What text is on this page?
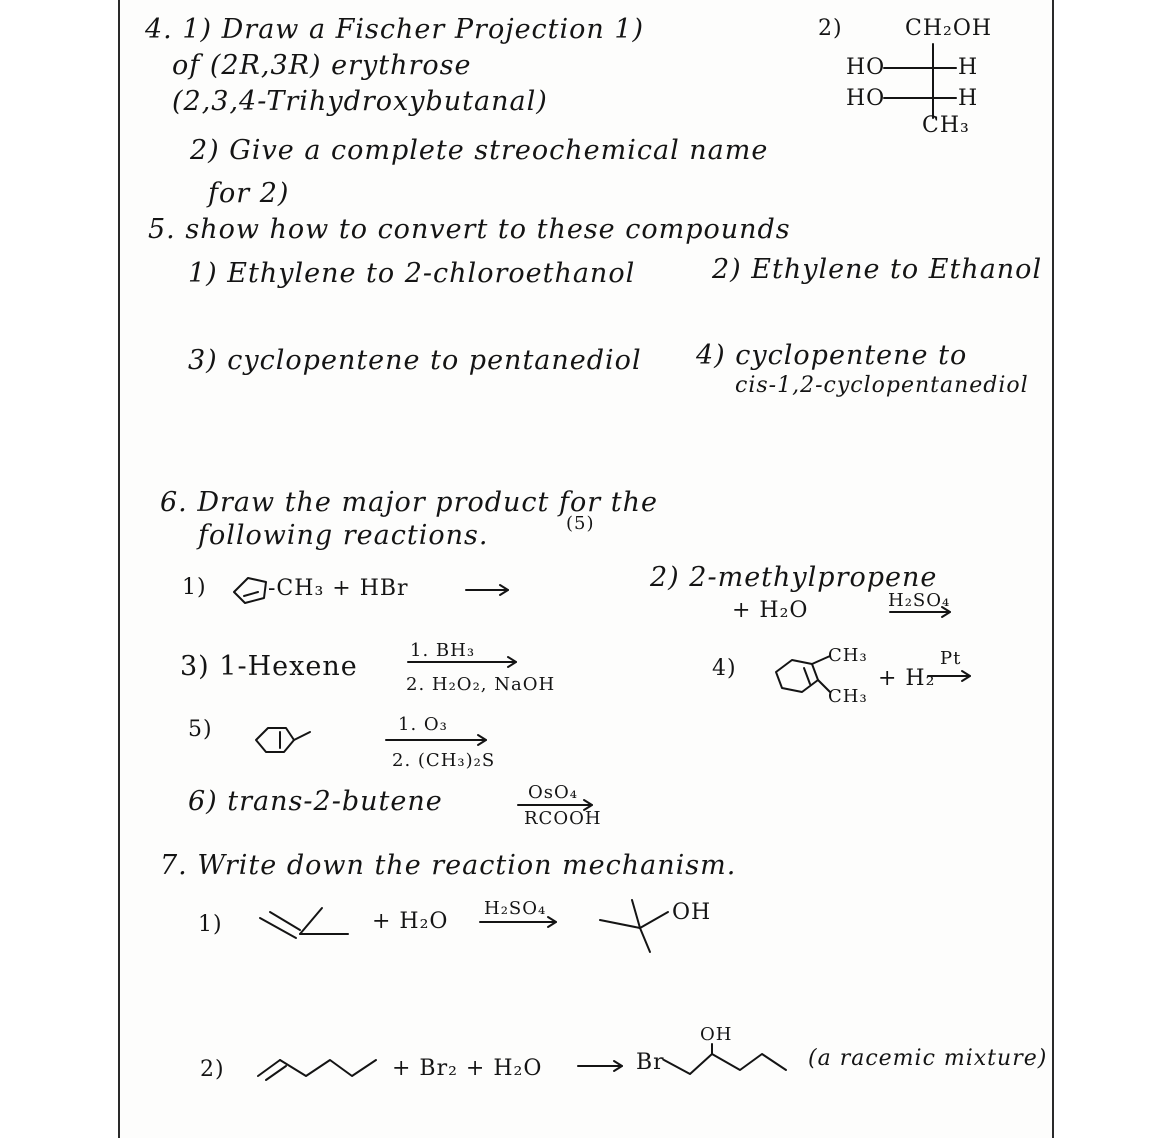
4. 1) Draw a Fischer Projection 1)
of (2R,3R) erythrose
(2,3,4-Trihydroxybutanal)
2) Give a complete streochemical name
for 2)
2)	CH₂OH
HO	H
HO	H
CH₃
5. show how to convert to these compounds
1) Ethylene to 2-chloroethanol	2) Ethylene to Ethanol
3) cyclopentene to pentanediol 4) cyclopentene to
cis-1,2-cyclopentanediol
6. Draw the major product for the
following reactions.	(5)
1)	-CH₃ + HBr	2) 2-methylpropene
+ H₂O	H₂SO₄
3) 1-Hexene
1. BH₃
2. H₂O₂, NaOH
4)
CH₃
CH₃
+ H₂
Pt
5)	1. O₃
2. (CH₃)₂S
6) trans-2-butene	OsO₄
RCOOH
7. Write down the reaction mechanism.
1)	+ H₂O
H₂SO₄	OH
2)	+ Br₂ + H₂O	Br
OH
(a racemic mixture)
